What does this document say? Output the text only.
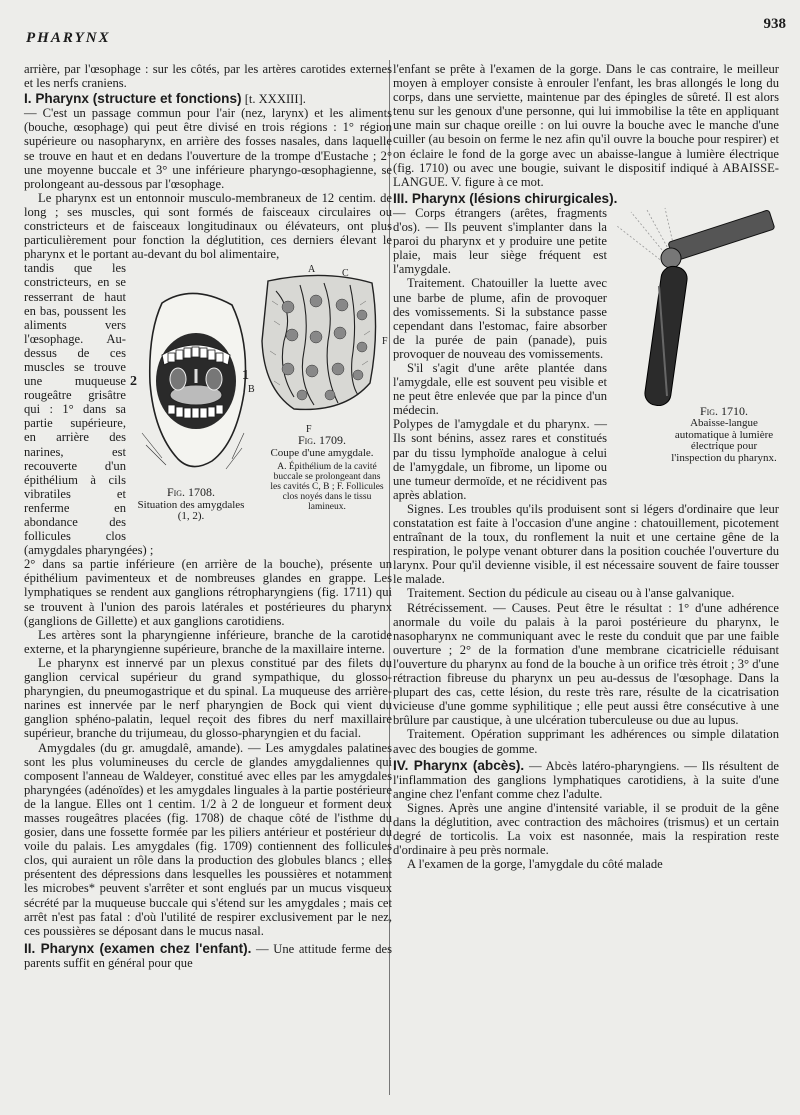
PHARYNX
938

arrière, par l'œsophage : sur les côtés, par les artères carotides externes et les nerfs craniens.

I. Pharynx (structure et fonctions) [t. XXXIII].

— C'est un passage commun pour l'air (nez, larynx) et les aliments (bouche, œsophage) qui peut être divisé en trois régions : 1° région supérieure ou nasopharynx, en arrière des fosses nasales, dans laquelle se trouve en haut et en dedans l'ouverture de la trompe d'Eustache ; 2° une moyenne buccale et 3° une inférieure pharyngo-œsophagienne, se prolongeant au-dessous par l'œsophage.

Le pharynx est un entonnoir musculo-membraneux de 12 centim. de long ; ses muscles, qui sont formés de faisceaux circulaires ou constricteurs et de faisceaux longitudinaux ou élévateurs, ont plus particulièrement pour fonction la déglutition, ces derniers élevant le pharynx et le portant au-devant du bol alimentaire,

2	1
Fig. 1708.
Situation des amygdales (1, 2).
A	C
F
B
F
Fig. 1709.
Coupe d'une amygdale.
A. Épithélium de la cavité buccale se prolongeant dans les cavités C, B ; F. Follicules clos noyés dans le tissu lamineux.

tandis que les constricteurs, en se resserrant de haut en bas, poussent les aliments vers l'œsophage. Au-dessus de ces muscles se trouve une muqueuse rougeâtre grisâtre qui : 1° dans sa partie supérieure, en arrière des narines, est recouverte d'un épithélium à cils vibratiles et renferme en abondance des follicules clos (amygdales pharyngées) ;

2° dans sa partie inférieure (en arrière de la bouche), présente un épithélium pavimenteux et de nombreuses glandes en grappe. Les lymphatiques se rendent aux ganglions rétropharyngiens (fig. 1711) qui se trouvent à l'union des parois latérales et postérieures du pharynx (ganglions de Gillette) et aux ganglions carotidiens.

Les artères sont la pharyngienne inférieure, branche de la carotide externe, et la pharyngienne supérieure, branche de la maxillaire interne.

Le pharynx est innervé par un plexus constitué par des filets du ganglion cervical supérieur du grand sympathique, du glosso-pharyngien, du pneumogastrique et du spinal. La muqueuse des arrière-narines est innervée par le nerf pharyngien de Bock qui vient du ganglion sphéno-palatin, lequel reçoit des fibres du nerf maxillaire supérieur, branche du trijumeau, du glosso-pharyngien et du facial.

Amygdales (du gr. amugdalê, amande). — Les amygdales palatines sont les plus volumineuses du cercle de glandes amygdaliennes qui composent l'anneau de Waldeyer, constitué avec elles par les amygdales pharyngées (adénoïdes) et les amygdales linguales à la partie postérieure de la langue. Elles ont 1 centim. 1/2 à 2 de longueur et forment deux masses rougeâtres placées (fig. 1708) de chaque côté de l'isthme du gosier, dans une fossette formée par les piliers antérieur et postérieur du voile du palais. Les amygdales (fig. 1709) contiennent des follicules clos, qui auraient un rôle dans la production des globules blancs ; elles présentent des dépressions dans lesquelles les poussières et notamment les microbes* peuvent s'arrêter et sont englués par un mucus visqueux sécrété par la muqueuse buccale qui s'étend sur les amygdales ; mais cet arrêt n'est pas fatal : d'où l'utilité de respirer exclusivement par le nez, ces poussières se déposant dans le mucus nasal.

II. Pharynx (examen chez l'enfant). — Une attitude ferme des parents suffit en général pour que

l'enfant se prête à l'examen de la gorge. Dans le cas contraire, le meilleur moyen à employer consiste à enrouler l'enfant, les bras allongés le long du corps, dans une serviette, maintenue par des épingles de sûreté. Il est alors tenu sur les genoux d'une personne, qui lui immobilise la tête en appliquant une main sur chaque oreille : on lui ouvre la bouche avec le manche d'une cuiller (au besoin on ferme le nez afin qu'il ouvre la bouche pour respirer) et on éclaire le fond de la gorge avec un abaisse-langue à lumière électrique (fig. 1710) ou avec une bougie, suivant le dispositif indiqué à ABAISSE-LANGUE. V. figure à ce mot.

III. Pharynx (lésions chirurgicales).
Fig. 1710.
Abaisse-langue automatique à lumière électrique pour l'inspection du pharynx.

— Corps étrangers (arêtes, fragments d'os). — Ils peuvent s'implanter dans la paroi du pharynx et y produire une petite plaie, mais leur siège fréquent est l'amygdale.

Traitement. Chatouiller la luette avec une barbe de plume, afin de provoquer des vomissements. Si la substance passe cependant dans l'estomac, faire absorber de la purée de pain (panade), puis provoquer de nouveau des vomissements.

S'il s'agit d'une arête plantée dans l'amygdale, elle est souvent peu visible et ne peut être enlevée que par la pince d'un médecin.

Polypes de l'amygdale et du pharynx. — Ils sont bénins, assez rares et constitués par du tissu lymphoïde analogue à celui de l'amygdale, un fibrome, un lipome ou une tumeur dermoïde, et ne récidivent pas après ablation.

Signes. Les troubles qu'ils produisent sont si légers d'ordinaire que leur constatation est faite à l'occasion d'une angine : chatouillement, picotement entraînant de la toux, du ronflement la nuit et une certaine gêne de la respiration, le polype venant obturer dans la position couchée l'ouverture du larynx. Pour qu'il devienne visible, il est nécessaire souvent de faire tousser le malade.

Traitement. Section du pédicule au ciseau ou à l'anse galvanique.

Rétrécissement. — Causes. Peut être le résultat : 1° d'une adhérence anormale du voile du palais à la paroi postérieure du pharynx, le nasopharynx ne communiquant avec le reste du conduit que par une faible ouverture ; 2° de la formation d'une membrane cicatricielle réduisant l'ouverture du pharynx au fond de la bouche à un orifice très étroit ; 3° d'une rétraction fibreuse du pharynx un peu au-dessus de l'œsophage. Dans la plupart des cas, cette lésion, du reste très rare, résulte de la cicatrisation vicieuse d'une gomme syphilitique ; elle peut aussi être consécutive à une brûlure par caustique, à une ulcération tuberculeuse ou due au lupus.

Traitement. Opération supprimant les adhérences ou simple dilatation avec des bougies de gomme.

IV. Pharynx (abcès). — Abcès latéro-pharyngiens. — Ils résultent de l'inflammation des ganglions lymphatiques carotidiens, à la suite d'une angine chez l'enfant comme chez l'adulte.

Signes. Après une angine d'intensité variable, il se produit de la gêne dans la déglutition, avec contraction des mâchoires (trismus) et un certain degré de torticolis. La voix est nasonnée, mais la respiration reste d'ordinaire à peu près normale.

A l'examen de la gorge, l'amygdale du côté malade
